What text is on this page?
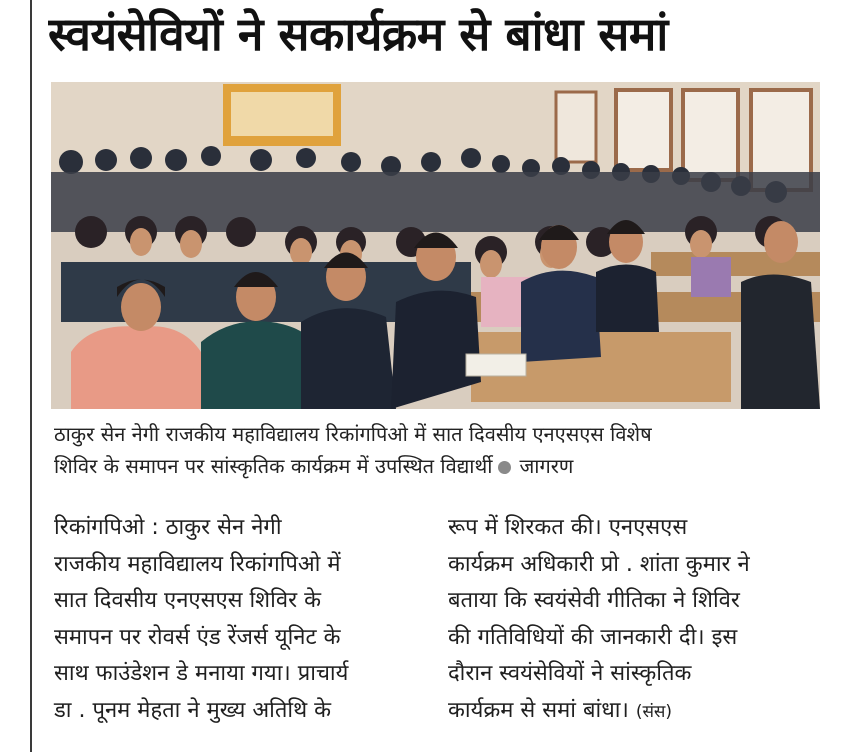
स्वयंसेवियों ने सकार्यक्रम से बांधा समां
ठाकुर सेन नेगी राजकीय महाविद्यालय रिकांगपिओ में सात दिवसीय एनएसएस विशेष
शिविर के समापन पर सांस्कृतिक कार्यक्रम में उपस्थित विद्यार्थी जागरण
रिकांगपिओ : ठाकुर सेन नेगी
राजकीय महाविद्यालय रिकांगपिओ में
सात दिवसीय एनएसएस शिविर के
समापन पर रोवर्स एंड रेंजर्स यूनिट के
साथ फाउंडेशन डे मनाया गया। प्राचार्य
डा . पूनम मेहता ने मुख्य अतिथि के
रूप में शिरकत की। एनएसएस
कार्यक्रम अधिकारी प्रो . शांता कुमार ने
बताया कि स्वयंसेवी गीतिका ने शिविर
की गतिविधियों की जानकारी दी। इस
दौरान स्वयंसेवियों ने सांस्कृतिक
कार्यक्रम से समां बांधा। (संस)
